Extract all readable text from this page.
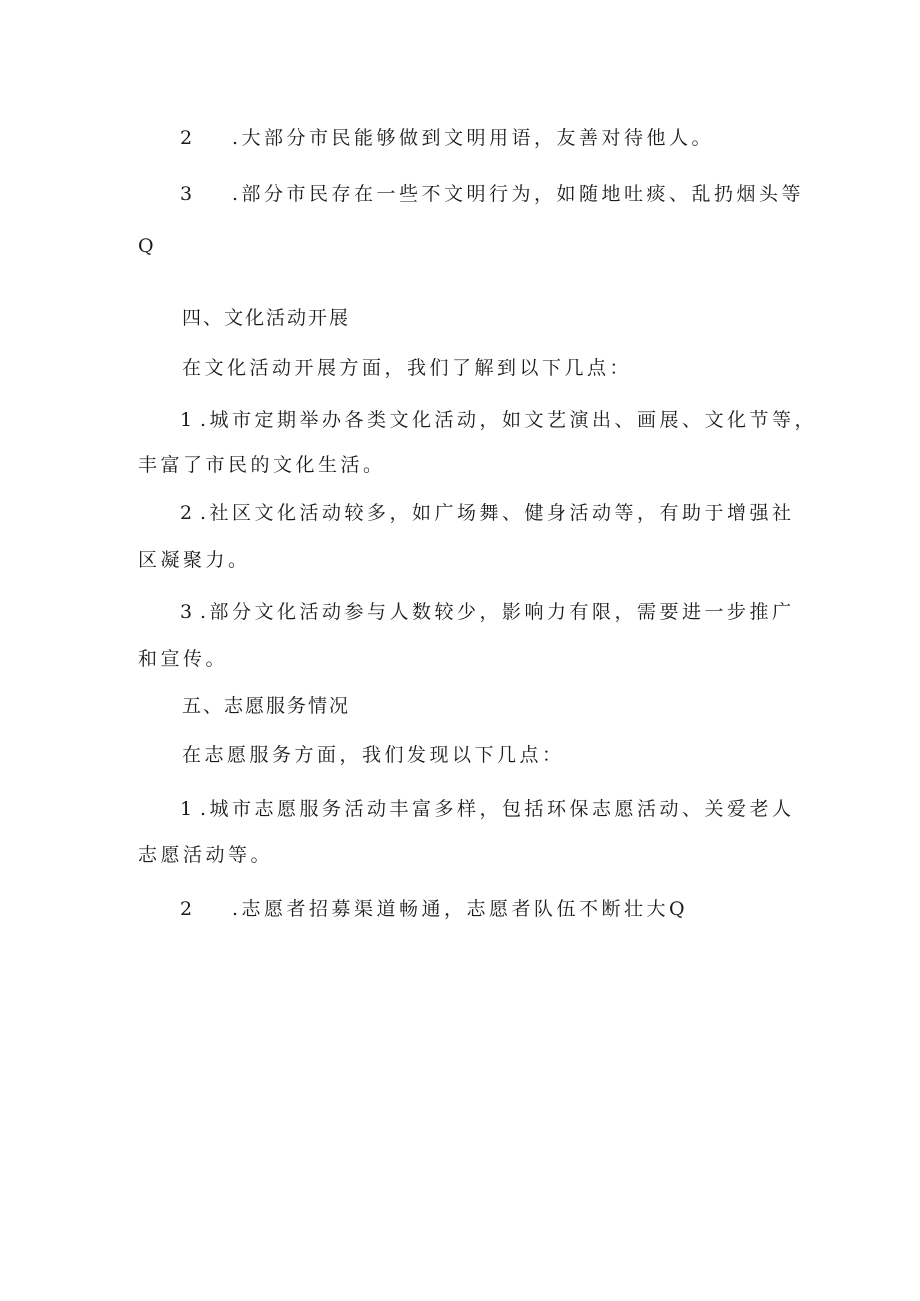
2 .大部分市民能够做到文明用语，友善对待他人。
3 .部分市民存在一些不文明行为，如随地吐痰、乱扔烟头等
Q
四、文化活动开展
在文化活动开展方面，我们了解到以下几点：
1 .城市定期举办各类文化活动，如文艺演出、画展、文化节等，
丰富了市民的文化生活。
2 .社区文化活动较多，如广场舞、健身活动等，有助于增强社
区凝聚力。
3 .部分文化活动参与人数较少，影响力有限，需要进一步推广
和宣传。
五、志愿服务情况
在志愿服务方面，我们发现以下几点：
1 .城市志愿服务活动丰富多样，包括环保志愿活动、关爱老人
志愿活动等。
2 .志愿者招募渠道畅通，志愿者队伍不断壮大Q
